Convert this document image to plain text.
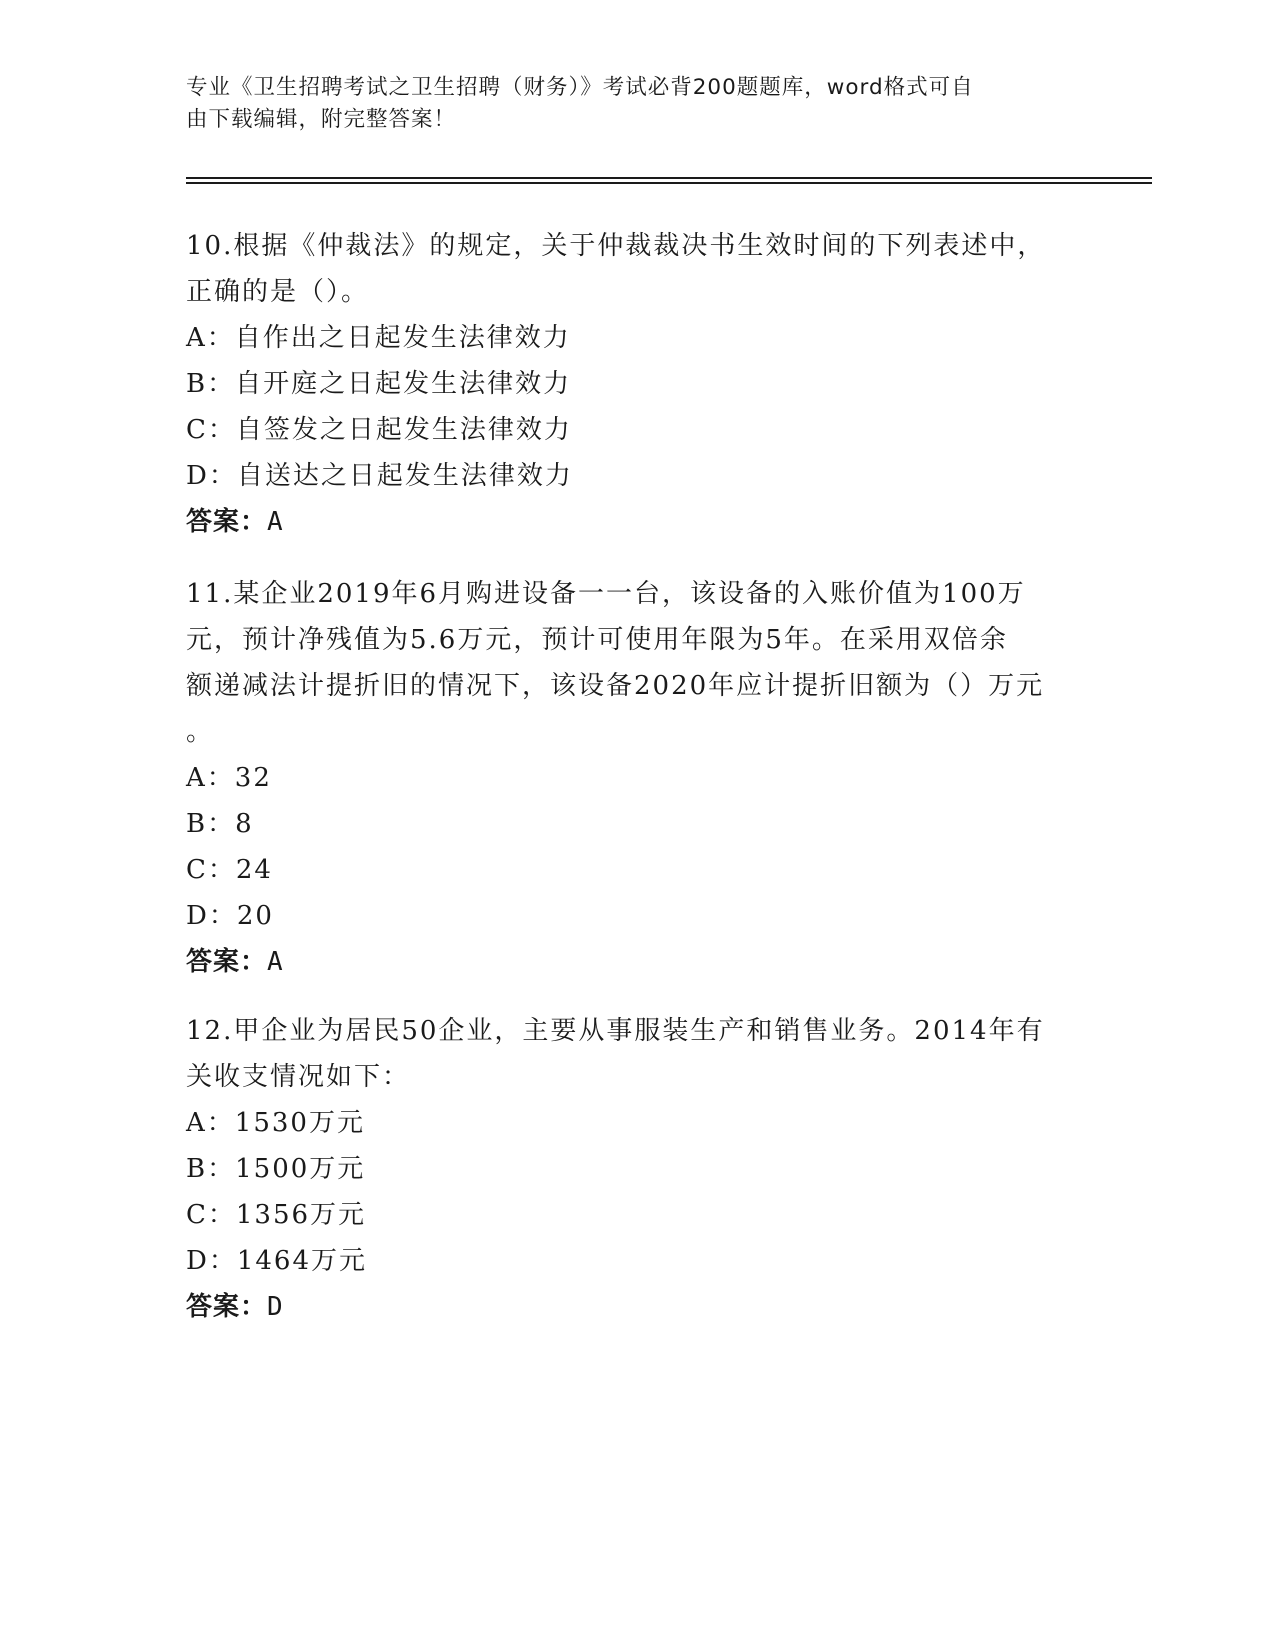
专业《卫生招聘考试之卫生招聘（财务）》考试必背200题题库，word格式可自
由下载编辑，附完整答案！
10.根据《仲裁法》的规定，关于仲裁裁决书生效时间的下列表述中，
正确的是（）。
A：自作出之日起发生法律效力
B：自开庭之日起发生法律效力
C：自签发之日起发生法律效力
D：自送达之日起发生法律效力
答案：A
11.某企业2019年6月购进设备一一台，该设备的入账价值为100万
元，预计净残值为5.6万元，预计可使用年限为5年。在采用双倍余
额递减法计提折旧的情况下，该设备2020年应计提折旧额为（）万元
。
A：32
B：8
C：24
D：20
答案：A
12.甲企业为居民50企业，主要从事服装生产和销售业务。2014年有
关收支情况如下：
A：1530万元
B：1500万元
C：1356万元
D：1464万元
答案：D
